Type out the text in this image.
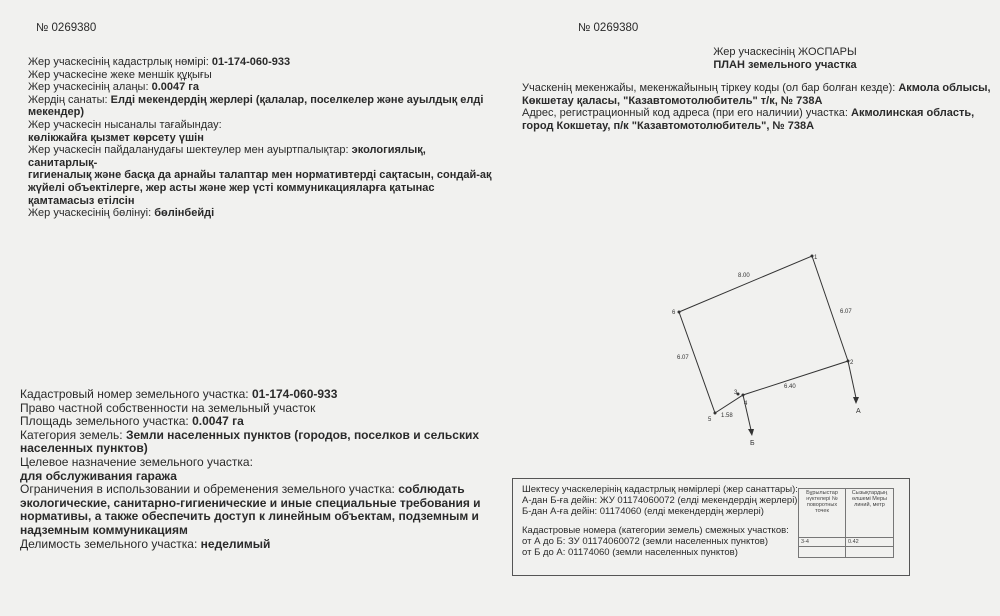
№ 0269380

Жер учаскесінің кадастрлық нөмірі: 01-174-060-933

Жер учаскесіне жеке меншік құқығы

Жер учаскесінің алаңы: 0.0047 га

Жердің санаты: Елді мекендердің жерлері (қалалар, поселкелер және ауылдық елді

мекендер)

Жер учаскесін нысаналы тағайындау:

көлікжайға қызмет көрсету үшін

Жер учаскесін пайдаланудағы шектеулер мен ауыртпалықтар: экологиялық, санитарлық-

гигиеналық және басқа да арнайы талаптар мен нормативтерді сақтасын, сондай-ақ

жүйелі объектілерге, жер асты және жер үсті коммуникацияларға қатынас

қамтамасыз етілсін

Жер учаскесінің бөлінуі: бөлінбейді

Кадастровый номер земельного участка: 01-174-060-933

Право частной собственности на земельный участок

Площадь земельного участка: 0.0047 га

Категория земель: Земли населенных пунктов (городов, поселков и сельских

населенных пунктов)

Целевое назначение земельного участка:

для обслуживания гаража

Ограничения в использовании и обременения земельного участка: соблюдать

экологические, санитарно-гигиенические и иные специальные требования и

нормативы, а также обеспечить доступ к линейным объектам, подземным и

надземным коммуникациям

Делимость земельного участка: неделимый

№ 0269380
Жер учаскесінің ЖОСПАРЫ
ПЛАН земельного участка

Учаскенің мекенжайы, мекенжайының тіркеу коды (ол бар болған кезде): Акмола облысы,

Көкшетау қаласы, "Казавтомотолюбитель" т/к, № 738А

Адрес, регистрационный код адреса (при его наличии) участка: Акмолинская область,

город Кокшетау, п/к "Казавтомотолюбитель", № 738А

1
2
3
4
5
6
8.00
6.07
6.40
1.58
6.07
А
Б
Шектесу учаскелерінің кадастрлық нөмірлері (жер санаттары):
А-дан Б-ға дейін: ЖУ 01174060072 (елді мекендердің жерлері)
Б-дан А-ға дейін: 01174060 (елді мекендердің жерлері)
Кадастровые номера (категории земель) смежных участков:
от А до Б: ЗУ 01174060072 (земли населенных пунктов)
от Б до А: 01174060 (земли населенных пунктов)
Бұрылыстар нүктелері № поворотных точек	Сызықтардың өлшемі Меры линий, метр
3-4	0.42
